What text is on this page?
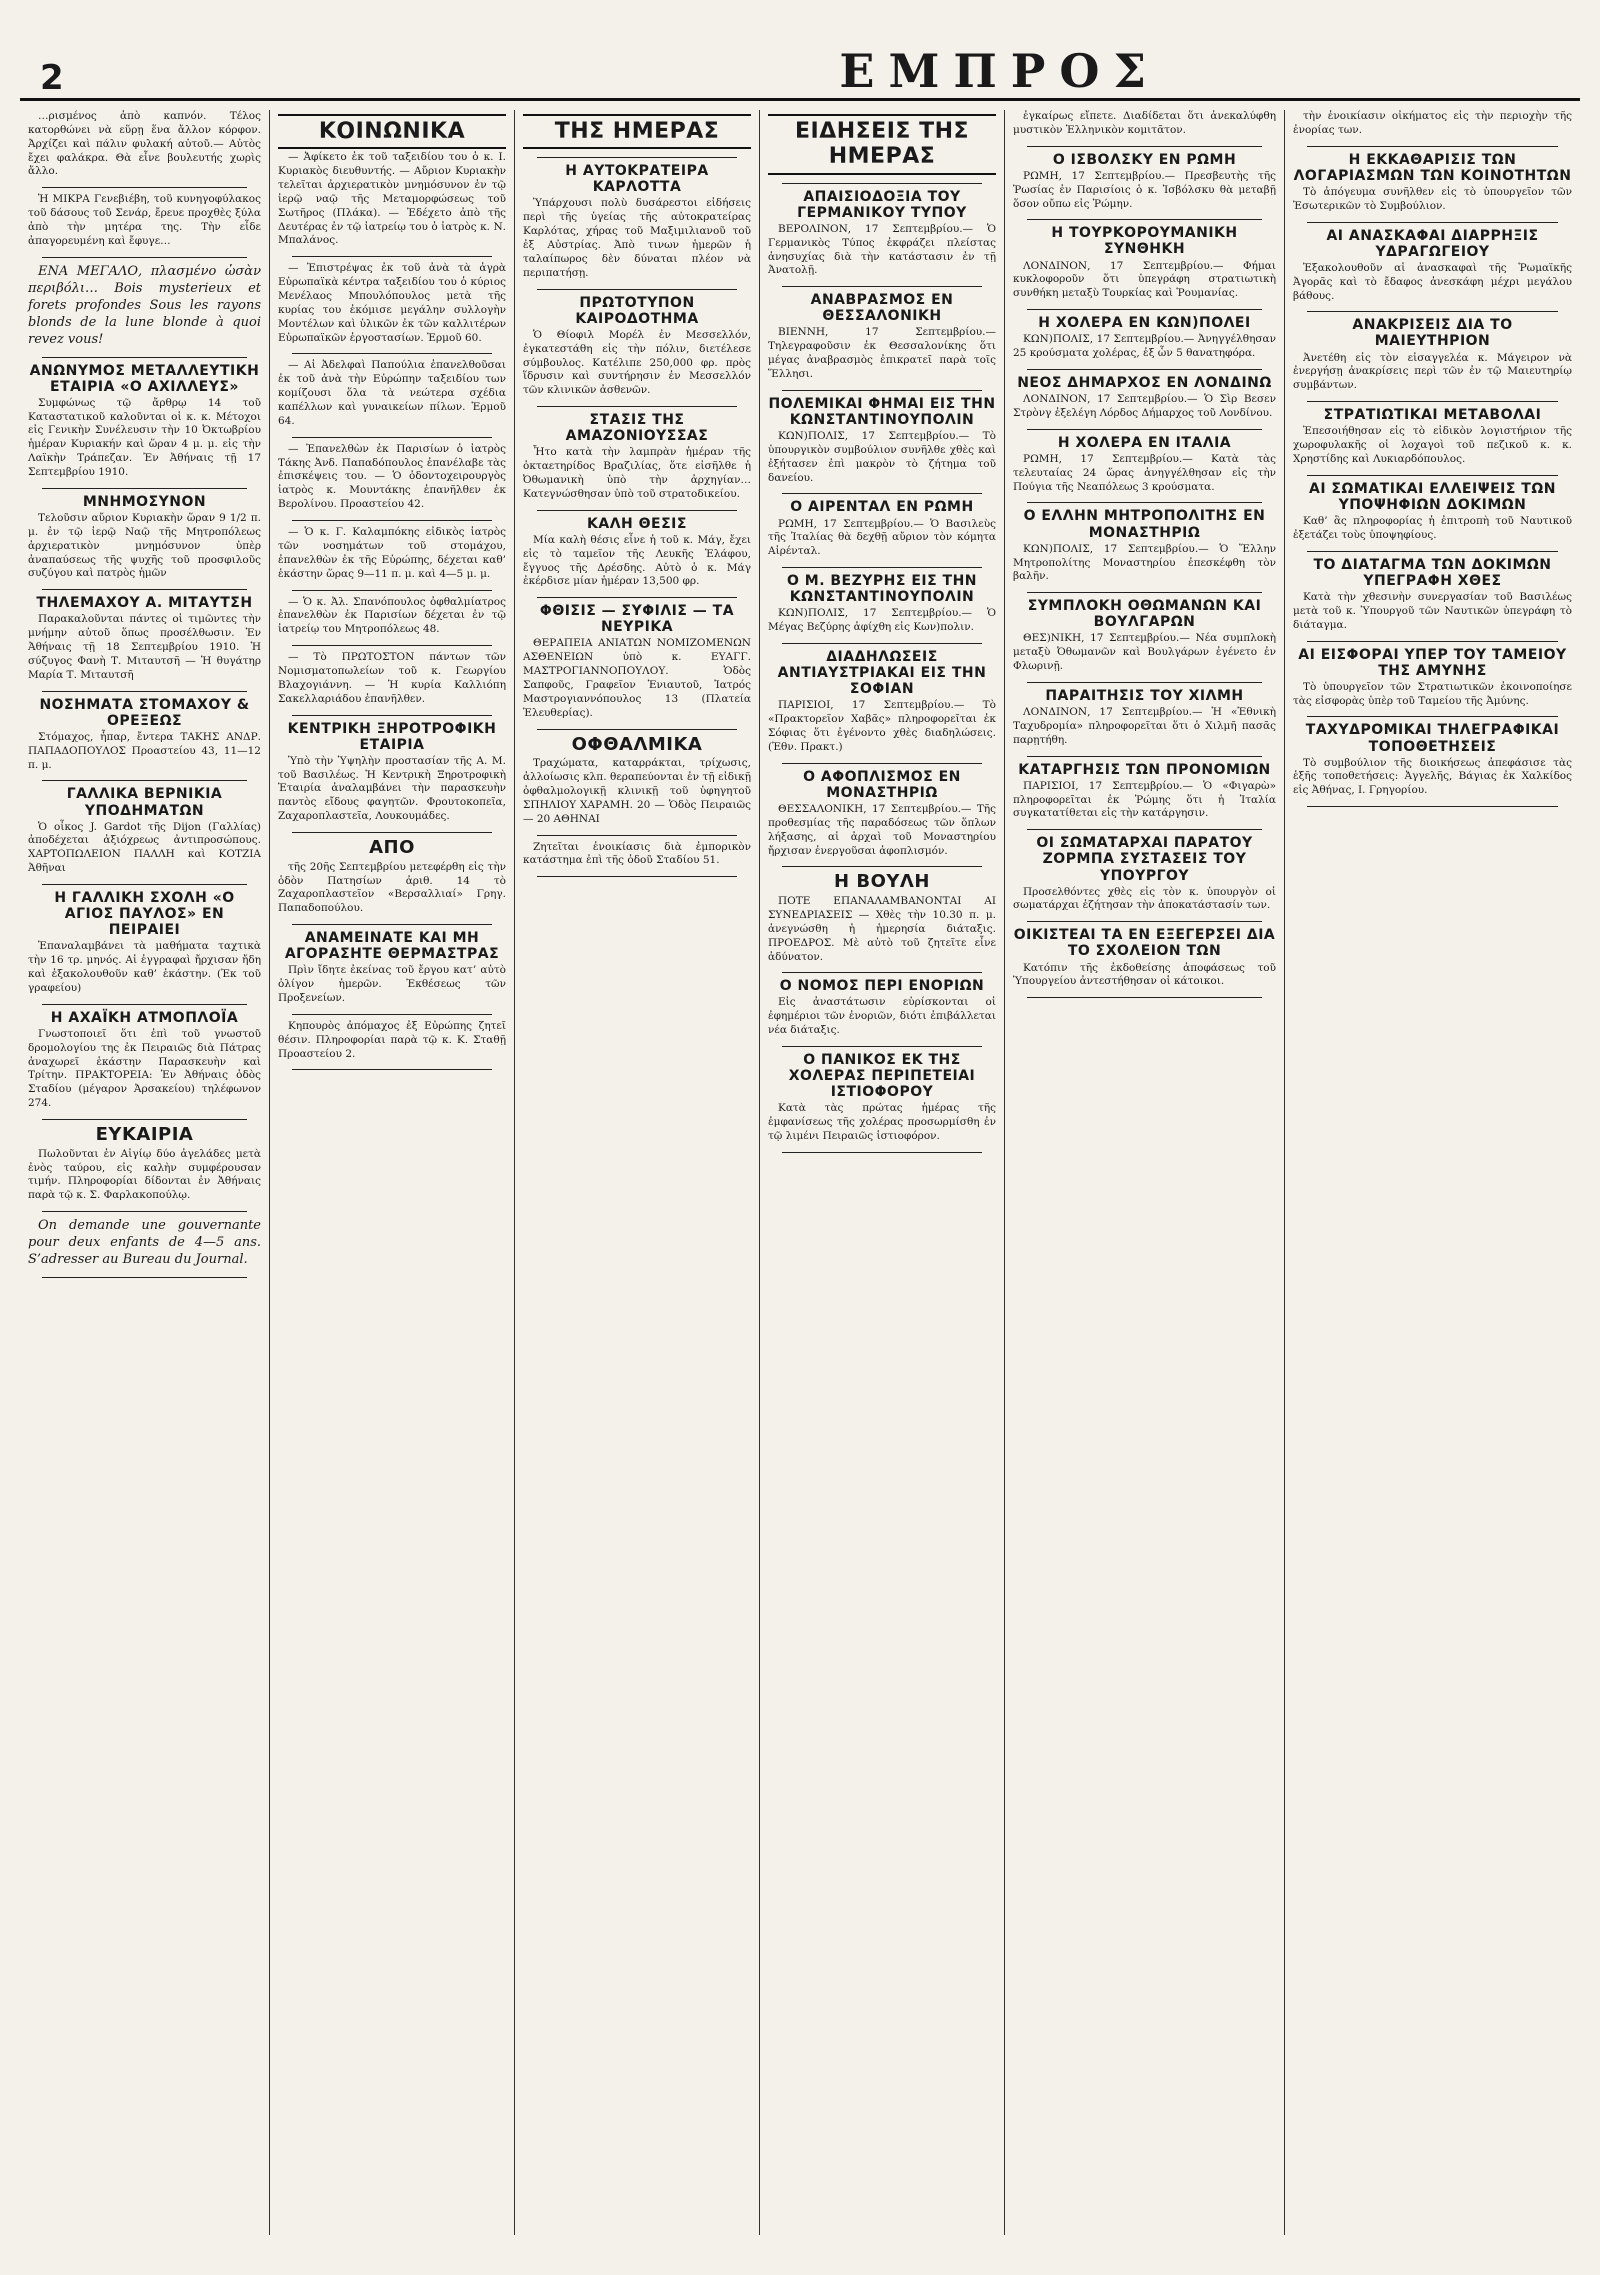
2	ΕΜΠΡΟΣ

…ρισμένος ἀπὸ καπνόν. Τέλος κατορθώνει νὰ εὕρῃ ἕνα ἄλλον κόρφον. Ἀρχίζει καὶ πάλιν φυλακή αὐτοῦ.— Αὐτὸς ἔχει φαλάκρα. Θὰ εἶνε βουλευτής χωρὶς ἄλλο.

Ἡ ΜΙΚΡΑ Γενεβιέβη, τοῦ κυνηγοφύλακος τοῦ δάσους τοῦ Σενάρ, ἔρευε προχθὲς ξύλα ἀπὸ τὴν μητέρα της. Τὴν εἶδε ἀπαγορευμένη καὶ ἔφυγε…

ΕΝΑ ΜΕΓΑΛΟ, πλασμένο ὡσὰν περιβόλι… Bois mysterieux et forets profondes Sous les rayons blonds de la lune blonde à quoi revez vous!

ΑΝΩΝΥΜΟΣ ΜΕΤΑΛΛΕΥΤΙΚΗ ΕΤΑΙΡΙΑ «Ο ΑΧΙΛΛΕΥΣ»

Συμφώνως τῷ ἄρθρῳ 14 τοῦ Καταστατικοῦ καλοῦνται οἱ κ. κ. Μέτοχοι εἰς Γενικὴν Συνέλευσιν τὴν 10 Ὀκτωβρίου ἡμέραν Κυριακήν καὶ ὥραν 4 μ. μ. εἰς τὴν Λαϊκὴν Τράπεζαν. Ἐν Ἀθήναις τῇ 17 Σεπτεμβρίου 1910.

ΜΝΗΜΟΣΥΝΟΝ

Τελοῦσιν αὔριον Κυριακὴν ὥραν 9 1/2 π. μ. ἐν τῷ ἱερῷ Ναῷ τῆς Μητροπόλεως ἀρχιερατικὸν μνημόσυνον ὑπὲρ ἀναπαύσεως τῆς ψυχῆς τοῦ προσφιλοῦς συζύγου καὶ πατρὸς ἡμῶν

ΤΗΛΕΜΑΧΟΥ Α. ΜΙΤΑΥΤΣΗ

Παρακαλοῦνται πάντες οἱ τιμῶντες τὴν μνήμην αὐτοῦ ὅπως προσέλθωσιν. Ἐν Ἀθήναις τῇ 18 Σεπτεμβρίου 1910. Ἡ σύζυγος Φανὴ Τ. Μιταυτσῆ — Ἡ θυγάτηρ Μαρία Τ. Μιταυτσῆ

ΝΟΣΗΜΑΤΑ ΣΤΟΜΑΧΟΥ & ΟΡΕΞΕΩΣ

Στόμαχος, ἧπαρ, ἔντερα ΤΑΚΗΣ ΑΝΔΡ. ΠΑΠΑΔΟΠΟΥΛΟΣ Προαστείου 43, 11—12 π. μ.

ΓΑΛΛΙΚΑ ΒΕΡΝΙΚΙΑ ΥΠΟΔΗΜΑΤΩΝ

Ὁ οἶκος J. Gardot τῆς Dijon (Γαλλίας) ἀποδέχεται ἀξιόχρεως ἀντιπροσώπους. ΧΑΡΤΟΠΩΛΕΙΟΝ ΠΑΛΛΗ καὶ ΚΟΤΖΙΑ Ἀθῆναι

Η ΓΑΛΛΙΚΗ ΣΧΟΛΗ «Ο ΑΓΙΟΣ ΠΑΥΛΟΣ» ΕΝ ΠΕΙΡΑΙΕΙ

Ἐπαναλαμβάνει τὰ μαθήματα ταχτικὰ τὴν 16 τρ. μηνός. Αἱ ἐγγραφαὶ ἤρχισαν ἤδη καὶ ἐξακολουθοῦν καθ’ ἑκάστην. (Ἐκ τοῦ γραφείου)

Η ΑΧΑΪΚΗ ΑΤΜΟΠΛΟΪΑ

Γνωστοποιεῖ ὅτι ἐπὶ τοῦ γνωστοῦ δρομολογίου της ἐκ Πειραιῶς διὰ Πάτρας ἀναχωρεῖ ἑκάστην Παρασκευὴν καὶ Τρίτην. ΠΡΑΚΤΟΡΕΙΑ: Ἐν Ἀθήναις ὁδὸς Σταδίου (μέγαρον Ἀρσακείου) τηλέφωνον 274.

ΕΥΚΑΙΡΙΑ

Πωλοῦνται ἐν Αἰγίῳ δύο ἀγελάδες μετὰ ἐνὸς ταύρου, εἰς καλὴν συμφέρουσαν τιμήν. Πληροφορίαι δίδονται ἐν Ἀθήναις παρὰ τῷ κ. Σ. Φαρλακοπούλῳ.

On demande une gouvernante pour deux enfants de 4—5 ans. S’adresser au Bureau du Journal.

ΚΟΙΝΩΝΙΚΑ

— Ἀφίκετο ἐκ τοῦ ταξειδίου του ὁ κ. Ι. Κυριακὸς διευθυντής. — Αὔριον Κυριακὴν τελεῖται ἀρχιερατικὸν μνημόσυνον ἐν τῷ ἱερῷ ναῷ τῆς Μεταμορφώσεως τοῦ Σωτῆρος (Πλάκα). — Ἐδέχετο ἀπὸ τῆς Δευτέρας ἐν τῷ ἰατρείῳ του ὁ ἰατρὸς κ. Ν. Μπαλάνος.

— Ἐπιστρέψας ἐκ τοῦ ἀνὰ τὰ ἀγρὰ Εὐρωπαϊκὰ κέντρα ταξειδίου του ὁ κύριος Μενέλαος Μπουλόπουλος μετὰ τῆς κυρίας του ἐκόμισε μεγάλην συλλογὴν Μοντέλων καὶ ὑλικῶν ἐκ τῶν καλλιτέρων Εὐρωπαϊκῶν ἐργοστασίων. Ἑρμοῦ 60.

— Αἱ Ἀδελφαὶ Παπούλια ἐπανελθοῦσαι ἐκ τοῦ ἀνὰ τὴν Εὐρώπην ταξειδίου των κομίζουσι ὅλα τὰ νεώτερα σχέδια καπέλλων καὶ γυναικείων πίλων. Ἑρμοῦ 64.

— Ἐπανελθὼν ἐκ Παρισίων ὁ ἰατρὸς Τάκης Ἀνδ. Παπαδόπουλος ἐπανέλαβε τὰς ἐπισκέψεις του. — Ὁ ὀδοντοχειρουργὸς ἰατρὸς κ. Μουντάκης ἐπανῆλθεν ἐκ Βερολίνου. Προαστείου 42.

— Ὁ κ. Γ. Καλαμπόκης εἰδικὸς ἰατρὸς τῶν νοσημάτων τοῦ στομάχου, ἐπανελθὼν ἐκ τῆς Εὐρώπης, δέχεται καθ’ ἑκάστην ὥρας 9—11 π. μ. καὶ 4—5 μ. μ.

— Ὁ κ. Ἀλ. Σπανόπουλος ὀφθαλμίατρος ἐπανελθὼν ἐκ Παρισίων δέχεται ἐν τῷ ἰατρείῳ του Μητροπόλεως 48.

— Τὸ ΠΡΩΤΟΣΤΟΝ πάντων τῶν Νομισματοπωλείων τοῦ κ. Γεωργίου Βλαχογιάννη. — Ἡ κυρία Καλλιόπη Σακελλαριάδου ἐπανῆλθεν.

ΚΕΝΤΡΙΚΗ ΞΗΡΟΤΡΟΦΙΚΗ ΕΤΑΙΡΙΑ

Ὑπὸ τὴν Ὑψηλὴν προστασίαν τῆς Α. Μ. τοῦ Βασιλέως. Ἡ Κεντρικὴ Ξηροτροφικὴ Ἑταιρία ἀναλαμβάνει τὴν παρασκευὴν παντὸς εἴδους φαγητῶν. Φρουτοκοπεῖα, Ζαχαροπλαστεῖα, Λουκουμάδες.

ΑΠΟ

τῆς 20ῆς Σεπτεμβρίου μετεφέρθη εἰς τὴν ὁδὸν Πατησίων ἀριθ. 14 τὸ Ζαχαροπλαστεῖον «Βερσαλλιαί» Γρηγ. Παπαδοπούλου.

ΑΝΑΜΕΙΝΑΤΕ ΚΑΙ ΜΗ ΑΓΟΡΑΣΗΤΕ ΘΕΡΜΑΣΤΡΑΣ

Πρὶν ἴδητε ἐκείνας τοῦ ἔργου κατ’ αὐτὸ ὀλίγον ἡμερῶν. Ἐκθέσεως τῶν Προξενείων.

Κηπουρὸς ἀπόμαχος ἐξ Εὐρώπης ζητεῖ θέσιν. Πληροφορίαι παρὰ τῷ κ. Κ. Σταθῇ Προαστείου 2.

ΤΗΣ ΗΜΕΡΑΣ
Η ΑΥΤΟΚΡΑΤΕΙΡΑ ΚΑΡΛΟΤΤΑ

Ὑπάρχουσι πολὺ δυσάρεστοι εἰδήσεις περὶ τῆς ὑγείας τῆς αὐτοκρατείρας Καρλότας, χήρας τοῦ Μαξιμιλιανοῦ τοῦ ἐξ Αὐστρίας. Ἀπὸ τινων ἡμερῶν ἡ ταλαίπωρος δὲν δύναται πλέον νὰ περιπατήσῃ.

ΠΡΩΤΟΤΥΠΟΝ ΚΑΙΡΟΔΟΤΗΜΑ

Ὁ Θίοφιλ Μορέλ ἐν Μεσσελλόν, ἐγκατεστάθη εἰς τὴν πόλιν, διετέλεσε σύμβουλος. Κατέλιπε 250,000 φρ. πρὸς ἵδρυσιν καὶ συντήρησιν ἐν Μεσσελλόν τῶν κλινικῶν ἀσθενῶν.

ΣΤΑΣΙΣ ΤΗΣ ΑΜΑΖΟΝΙΟΥΣΣΑΣ

Ἦτο κατὰ τὴν λαμπρὰν ἡμέραν τῆς ὀκταετηρίδος Βραζιλίας, ὅτε εἰσῆλθε ἡ Ὀθωμανικὴ ὑπὸ τὴν ἀρχηγίαν… Κατεγνώσθησαν ὑπὸ τοῦ στρατοδικείου.

ΚΑΛΗ ΘΕΣΙΣ

Μία καλὴ θέσις εἶνε ἡ τοῦ κ. Μάγ, ἔχει εἰς τὸ ταμεῖον τῆς Λευκῆς Ἑλάφου, ἔγγυος τῆς Δρέσδης. Αὐτὸ ὁ κ. Μάγ ἐκέρδισε μίαν ἡμέραν 13,500 φρ.

ΦΘΙΣΙΣ — ΣΥΦΙΛΙΣ — ΤΑ ΝΕΥΡΙΚΑ

ΘΕΡΑΠΕΙΑ ΑΝΙΑΤΩΝ ΝΟΜΙΖΟΜΕΝΩΝ ΑΣΘΕΝΕΙΩΝ ὑπὸ κ. ΕΥΑΓΓ. ΜΑΣΤΡΟΓΙΑΝΝΟΠΟΥΛΟΥ. Ὁδὸς Σαπφοῦς, Γραφεῖον Ἐνιαυτοῦ, Ἰατρός Μαστρογιαννόπουλος 13 (Πλατεία Ἐλευθερίας).

ΟΦΘΑΛΜΙΚΑ

Τραχώματα, καταρράκται, τρίχωσις, ἀλλοίωσις κλπ. θεραπεύονται ἐν τῇ εἰδικῇ ὀφθαλμολογικῇ κλινικῇ τοῦ ὑφηγητοῦ ΣΠΗΛΙΟΥ ΧΑΡΑΜΗ. 20 — Ὁδὸς Πειραιῶς — 20 ΑΘΗΝΑΙ

Ζητεῖται ἐνοικίασις διὰ ἐμπορικὸν κατάστημα ἐπὶ τῆς ὁδοῦ Σταδίου 51.

ΕΙΔΗΣΕΙΣ ΤΗΣ ΗΜΕΡΑΣ
ΑΠΑΙΣΙΟΔΟΞΙΑ ΤΟΥ ΓΕΡΜΑΝΙΚΟΥ ΤΥΠΟΥ

ΒΕΡΟΛΙΝΟΝ, 17 Σεπτεμβρίου.— Ὁ Γερμανικὸς Τύπος ἐκφράζει πλείστας ἀνησυχίας διὰ τὴν κατάστασιν ἐν τῇ Ἀνατολῇ.

ΑΝΑΒΡΑΣΜΟΣ ΕΝ ΘΕΣΣΑΛΟΝΙΚΗ

ΒΙΕΝΝΗ, 17 Σεπτεμβρίου.— Τηλεγραφοῦσιν ἐκ Θεσσαλονίκης ὅτι μέγας ἀναβρασμὸς ἐπικρατεῖ παρὰ τοῖς Ἕλλησι.

ΠΟΛΕΜΙΚΑΙ ΦΗΜΑΙ ΕΙΣ ΤΗΝ ΚΩΝΣΤΑΝΤΙΝΟΥΠΟΛΙΝ

ΚΩΝ)ΠΟΛΙΣ, 17 Σεπτεμβρίου.— Τὸ ὑπουργικὸν συμβούλιον συνῆλθε χθὲς καὶ ἐξήτασεν ἐπὶ μακρὸν τὸ ζήτημα τοῦ δανείου.

Ο ΑΙΡΕΝΤΑΛ ΕΝ ΡΩΜΗ

ΡΩΜΗ, 17 Σεπτεμβρίου.— Ὁ Βασιλεὺς τῆς Ἰταλίας θὰ δεχθῇ αὔριον τὸν κόμητα Αἰρένταλ.

Ο Μ. ΒΕΖΥΡΗΣ ΕΙΣ ΤΗΝ ΚΩΝΣΤΑΝΤΙΝΟΥΠΟΛΙΝ

ΚΩΝ)ΠΟΛΙΣ, 17 Σεπτεμβρίου.— Ὁ Μέγας Βεζύρης ἀφίχθη εἰς Κων)πολιν.

ΔΙΑΔΗΛΩΣΕΙΣ ΑΝΤΙΑΥΣΤΡΙΑΚΑΙ ΕΙΣ ΤΗΝ ΣΟΦΙΑΝ

ΠΑΡΙΣΙΟΙ, 17 Σεπτεμβρίου.— Τὸ «Πρακτορεῖον Χαβᾶς» πληροφορεῖται ἐκ Σόφιας ὅτι ἐγένοντο χθὲς διαδηλώσεις. (Ἐθν. Πρακτ.)

Ο ΑΦΟΠΛΙΣΜΟΣ ΕΝ ΜΟΝΑΣΤΗΡΙΩ

ΘΕΣΣΑΛΟΝΙΚΗ, 17 Σεπτεμβρίου.— Τῆς προθεσμίας τῆς παραδόσεως τῶν ὅπλων λήξασης, αἱ ἀρχαὶ τοῦ Μοναστηρίου ἤρχισαν ἐνεργοῦσαι ἀφοπλισμόν.

Η ΒΟΥΛΗ

ΠΟΤΕ ΕΠΑΝΑΛΑΜΒΑΝΟΝΤΑΙ ΑΙ ΣΥΝΕΔΡΙΑΣΕΙΣ — Χθὲς τὴν 10.30 π. μ. ἀνεγνώσθη ἡ ἡμερησία διάταξις. ΠΡΟΕΔΡΟΣ. Μὲ αὐτὸ τοῦ ζητεῖτε εἶνε ἀδύνατον.

Ο ΝΟΜΟΣ ΠΕΡΙ ΕΝΟΡΙΩΝ

Εἰς ἀναστάτωσιν εὑρίσκονται οἱ ἐφημέριοι τῶν ἐνοριῶν, διότι ἐπιβάλλεται νέα διάταξις.

Ο ΠΑΝΙΚΟΣ ΕΚ ΤΗΣ ΧΟΛΕΡΑΣ ΠΕΡΙΠΕΤΕΙΑΙ ΙΣΤΙΟΦΟΡΟΥ

Κατὰ τὰς πρώτας ἡμέρας τῆς ἐμφανίσεως τῆς χολέρας προσωρμίσθη ἐν τῷ λιμένι Πειραιῶς ἱστιοφόρον.

ἐγκαίρως εἴπετε. Διαδίδεται ὅτι ἀνεκαλύφθη μυστικὸν Ἑλληνικὸν κομιτᾶτον.

Ο ΙΣΒΟΛΣΚΥ ΕΝ ΡΩΜΗ

ΡΩΜΗ, 17 Σεπτεμβρίου.— Πρεσβευτὴς τῆς Ῥωσίας ἐν Παρισίοις ὁ κ. Ἰσβόλσκυ θὰ μεταβῇ ὅσον οὔπω εἰς Ῥώμην.

Η ΤΟΥΡΚΟΡΟΥΜΑΝΙΚΗ ΣΥΝΘΗΚΗ

ΛΟΝΔΙΝΟΝ, 17 Σεπτεμβρίου.— Φήμαι κυκλοφοροῦν ὅτι ὑπεγράφη στρατιωτικὴ συνθήκη μεταξὺ Τουρκίας καὶ Ῥουμανίας.

Η ΧΟΛΕΡΑ ΕΝ ΚΩΝ)ΠΟΛΕΙ

ΚΩΝ)ΠΟΛΙΣ, 17 Σεπτεμβρίου.— Ἀνηγγέλθησαν 25 κρούσματα χολέρας, ἐξ ὧν 5 θανατηφόρα.

ΝΕΟΣ ΔΗΜΑΡΧΟΣ ΕΝ ΛΟΝΔΙΝΩ

ΛΟΝΔΙΝΟΝ, 17 Σεπτεμβρίου.— Ὁ Σὶρ Βεσεν Στρὸνγ ἐξελέγη Λόρδος Δήμαρχος τοῦ Λονδίνου.

Η ΧΟΛΕΡΑ ΕΝ ΙΤΑΛΙΑ

ΡΩΜΗ, 17 Σεπτεμβρίου.— Κατὰ τὰς τελευταίας 24 ὥρας ἀνηγγέλθησαν εἰς τὴν Πούγια τῆς Νεαπόλεως 3 κρούσματα.

Ο ΕΛΛΗΝ ΜΗΤΡΟΠΟΛΙΤΗΣ ΕΝ ΜΟΝΑΣΤΗΡΙΩ

ΚΩΝ)ΠΟΛΙΣ, 17 Σεπτεμβρίου.— Ὁ Ἕλλην Μητροπολίτης Μοναστηρίου ἐπεσκέφθη τὸν βαλῆν.

ΣΥΜΠΛΟΚΗ ΟΘΩΜΑΝΩΝ ΚΑΙ ΒΟΥΛΓΑΡΩΝ

ΘΕΣ)ΝΙΚΗ, 17 Σεπτεμβρίου.— Νέα συμπλοκὴ μεταξὺ Ὀθωμανῶν καὶ Βουλγάρων ἐγένετο ἐν Φλωρινῇ.

ΠΑΡΑΙΤΗΣΙΣ ΤΟΥ ΧΙΛΜΗ

ΛΟΝΔΙΝΟΝ, 17 Σεπτεμβρίου.— Ἡ «Ἐθνικὴ Ταχυδρομία» πληροφορεῖται ὅτι ὁ Χιλμῆ πασᾶς παρῃτήθη.

ΚΑΤΑΡΓΗΣΙΣ ΤΩΝ ΠΡΟΝΟΜΙΩΝ

ΠΑΡΙΣΙΟΙ, 17 Σεπτεμβρίου.— Ὁ «Φιγαρὼ» πληροφορεῖται ἐκ Ῥώμης ὅτι ἡ Ἰταλία συγκατατίθεται εἰς τὴν κατάργησιν.

ΟΙ ΣΩΜΑΤΑΡΧΑΙ ΠΑΡΑΤΟΥ ΖΟΡΜΠΑ ΣΥΣΤΑΣΕΙΣ ΤΟΥ ΥΠΟΥΡΓΟΥ

Προσελθόντες χθὲς εἰς τὸν κ. ὑπουργὸν οἱ σωματάρχαι ἐζήτησαν τὴν ἀποκατάστασίν των.

ΟΙΚΙΣΤΕΑΙ ΤΑ ΕΝ ΕΞΕΓΕΡΣΕΙ ΔΙΑ ΤΟ ΣΧΟΛΕΙΟΝ ΤΩΝ

Κατόπιν τῆς ἐκδοθείσης ἀποφάσεως τοῦ Ὑπουργείου ἀντεστήθησαν οἱ κάτοικοι.

τὴν ἐνοικίασιν οἰκήματος εἰς τὴν περιοχὴν τῆς ἐνορίας των.

Η ΕΚΚΑΘΑΡΙΣΙΣ ΤΩΝ ΛΟΓΑΡΙΑΣΜΩΝ ΤΩΝ ΚΟΙΝΟΤΗΤΩΝ

Τὸ ἀπόγευμα συνῆλθεν εἰς τὸ ὑπουργεῖον τῶν Ἐσωτερικῶν τὸ Συμβούλιον.

ΑΙ ΑΝΑΣΚΑΦΑΙ ΔΙΑΡΡΗΞΙΣ ΥΔΡΑΓΩΓΕΙΟΥ

Ἐξακολουθοῦν αἱ ἀνασκαφαὶ τῆς Ῥωμαϊκῆς Ἀγορᾶς καὶ τὸ ἔδαφος ἀνεσκάφη μέχρι μεγάλου βάθους.

ΑΝΑΚΡΙΣΕΙΣ ΔΙΑ ΤΟ ΜΑΙΕΥΤΗΡΙΟΝ

Ἀνετέθη εἰς τὸν εἰσαγγελέα κ. Μάγειρον νὰ ἐνεργήσῃ ἀνακρίσεις περὶ τῶν ἐν τῷ Μαιευτηρίῳ συμβάντων.

ΣΤΡΑΤΙΩΤΙΚΑΙ ΜΕΤΑΒΟΛΑΙ

Ἐπεσοιήθησαν εἰς τὸ εἰδικὸν λογιστήριον τῆς χωροφυλακῆς οἱ λοχαγοὶ τοῦ πεζικοῦ κ. κ. Χρηστίδης καὶ Λυκιαρδόπουλος.

ΑΙ ΣΩΜΑΤΙΚΑΙ ΕΛΛΕΙΨΕΙΣ ΤΩΝ ΥΠΟΨΗΦΙΩΝ ΔΟΚΙΜΩΝ

Καθ’ ἃς πληροφορίας ἡ ἐπιτροπὴ τοῦ Ναυτικοῦ ἐξετάζει τοὺς ὑποψηφίους.

ΤΟ ΔΙΑΤΑΓΜΑ ΤΩΝ ΔΟΚΙΜΩΝ ΥΠΕΓΡΑΦΗ ΧΘΕΣ

Κατὰ τὴν χθεσινὴν συνεργασίαν τοῦ Βασιλέως μετὰ τοῦ κ. Ὑπουργοῦ τῶν Ναυτικῶν ὑπεγράφη τὸ διάταγμα.

ΑΙ ΕΙΣΦΟΡΑΙ ΥΠΕΡ ΤΟΥ ΤΑΜΕΙΟΥ ΤΗΣ ΑΜΥΝΗΣ

Τὸ ὑπουργεῖον τῶν Στρατιωτικῶν ἐκοινοποίησε τὰς εἰσφορὰς ὑπὲρ τοῦ Ταμείου τῆς Ἀμύνης.

ΤΑΧΥΔΡΟΜΙΚΑΙ ΤΗΛΕΓΡΑΦΙΚΑΙ ΤΟΠΟΘΕΤΗΣΕΙΣ

Τὸ συμβούλιον τῆς διοικήσεως ἀπεφάσισε τὰς ἑξῆς τοποθετήσεις: Ἀγγελῆς, Βάγιας ἐκ Χαλκίδος εἰς Ἀθήνας, Ι. Γρηγορίου.
